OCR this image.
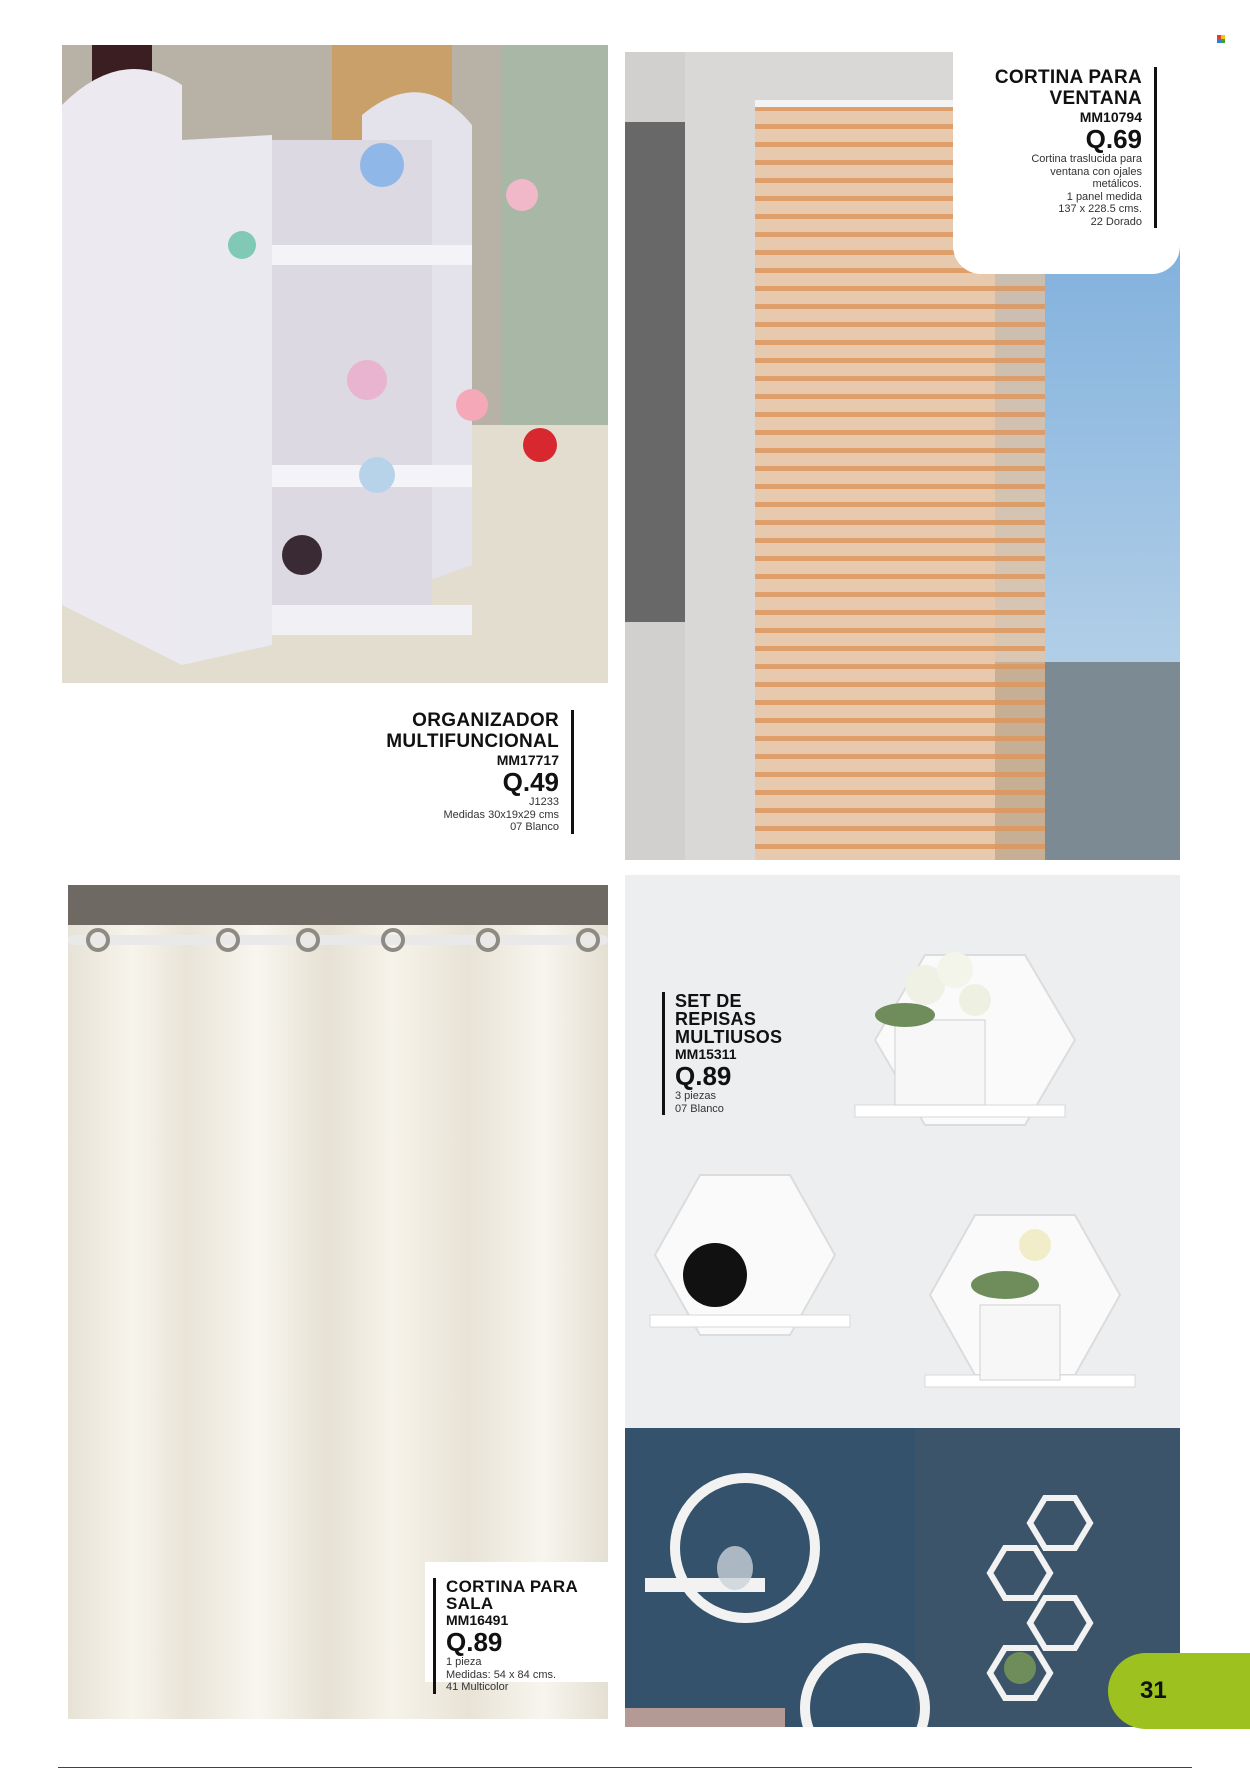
ORGANIZADOR
MULTIFUNCIONAL
MM17717
Q.49
J1233
Medidas 30x19x29 cms
07 Blanco
CORTINA PARA
VENTANA
MM10794
Q.69
Cortina traslucida para
ventana con ojales
metálicos.
1 panel medida
137 x 228.5 cms.
22 Dorado
CORTINA PARA
SALA
MM16491
Q.89
1 pieza
Medidas: 54 x 84 cms.
41 Multicolor
SET DE
REPISAS
MULTIUSOS
MM15311
Q.89
3 piezas
07 Blanco
31
